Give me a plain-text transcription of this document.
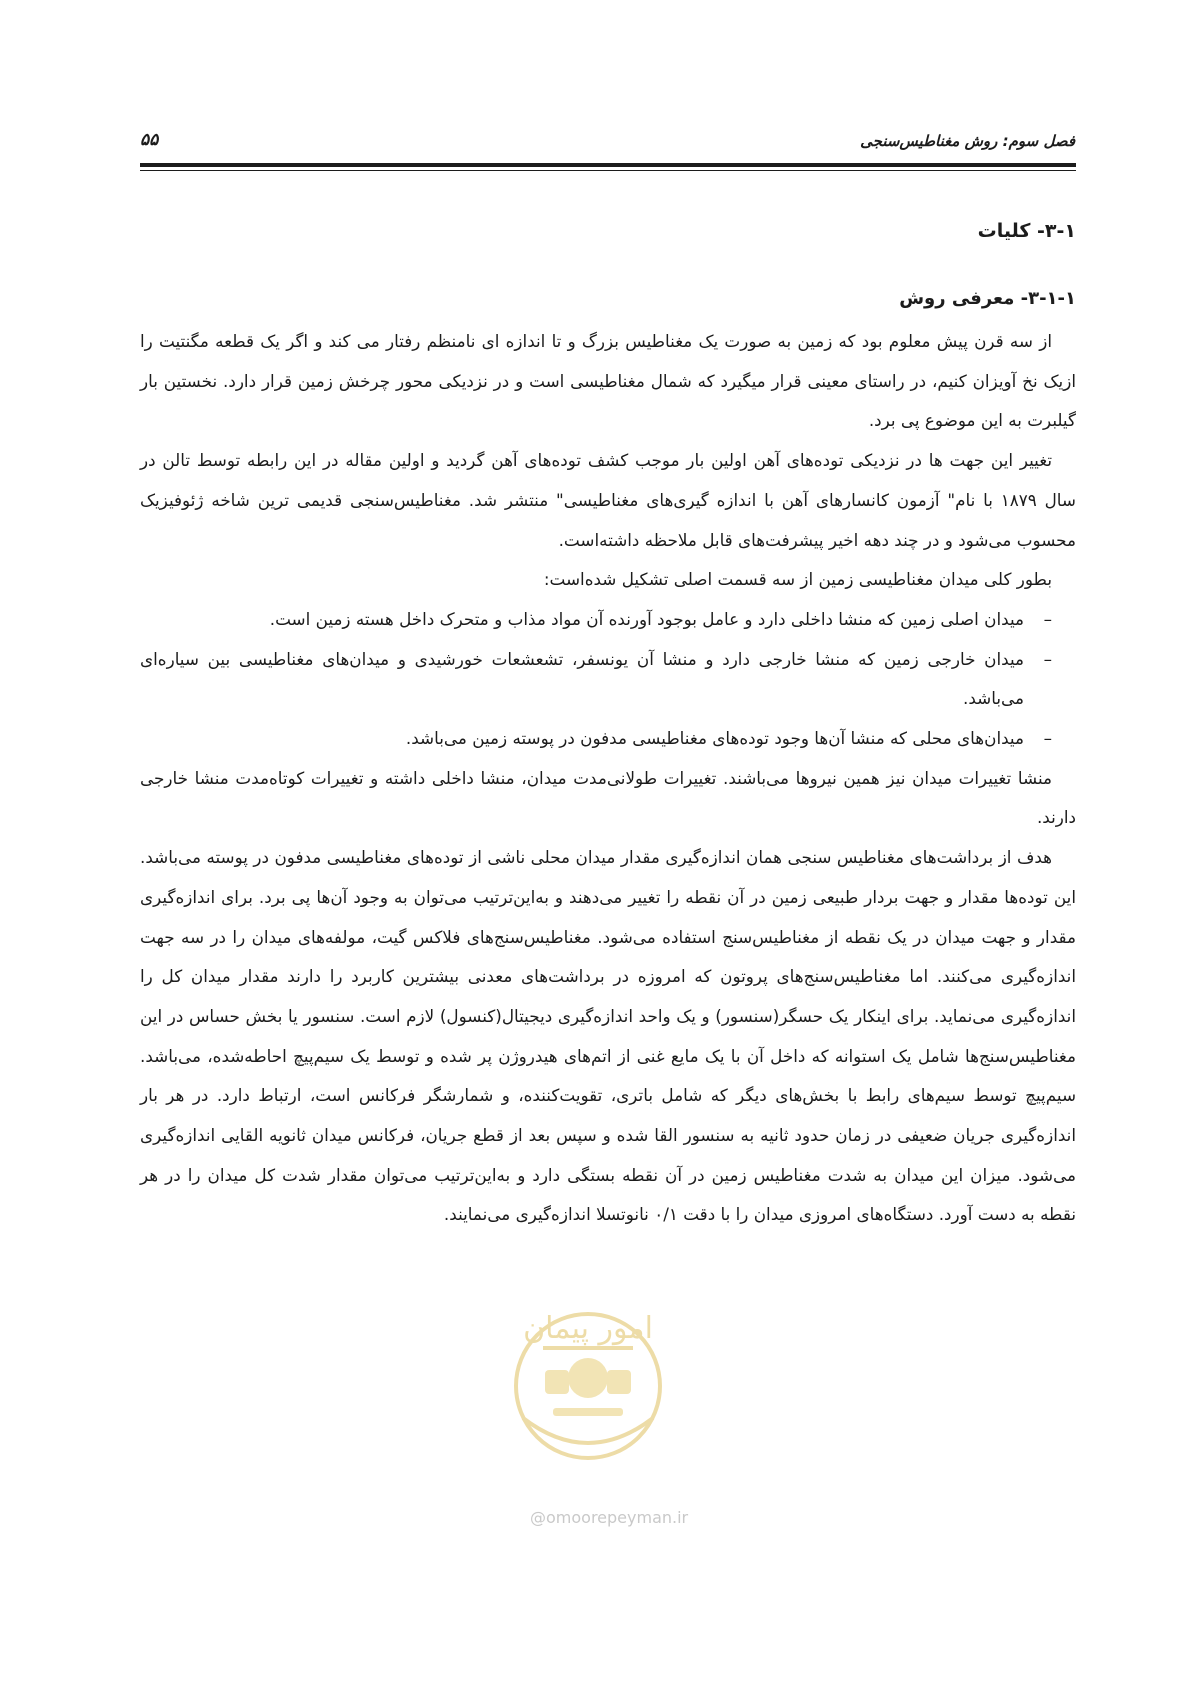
فصل سوم: روش مغناطیس‌سنجی
۵۵
۳-۱- کلیات
۳-۱-۱- معرفی روش

از سه قرن پیش معلوم بود که زمین به صورت یک مغناطیس بزرگ و تا اندازه ای نامنظم رفتار می کند و اگر یک قطعه مگنتیت را ازیک نخ آویزان کنیم، در راستای معینی قرار میگیرد که شمال مغناطیسی است و در نزدیکی محور چرخش زمین قرار دارد. نخستین بار گیلبرت به این موضوع پی برد.

تغییر این جهت ها در نزدیکی توده‌های آهن اولین بار موجب کشف توده‌های آهن گردید و اولین مقاله در این رابطه توسط تالن در سال ۱۸۷۹ با نام" آزمون کانسارهای آهن با اندازه گیری‌های مغناطیسی" منتشر شد. مغناطیس‌سنجی قدیمی ترین شاخه ژئوفیزیک محسوب می‌شود و در چند دهه اخیر پیشرفت‌های قابل ملاحظه داشته‌است.

بطور کلی میدان مغناطیسی زمین از سه قسمت اصلی تشکیل شده‌است:

–
میدان اصلی زمین که منشا داخلی دارد و عامل بوجود آورنده آن مواد مذاب و متحرک داخل هسته زمین است.
–
میدان خارجی زمین که منشا خارجی دارد و منشا آن یونسفر، تشعشعات خورشیدی و میدان‌های مغناطیسی بین سیاره‌ای می‌باشد.
–
میدان‌های محلی که منشا آن‌ها وجود توده‌های مغناطیسی مدفون در پوسته زمین می‌باشد.

منشا تغییرات میدان نیز همین نیروها می‌باشند. تغییرات طولانی‌مدت میدان، منشا داخلی داشته و تغییرات کوتاه‌مدت منشا خارجی دارند.

هدف از برداشت‌های مغناطیس سنجی همان اندازه‌گیری مقدار میدان محلی ناشی از توده‌های مغناطیسی مدفون در پوسته می‌باشد. این توده‌ها مقدار و جهت بردار طبیعی زمین در آن نقطه را تغییر می‌دهند و به‌این‌ترتیب می‌توان به وجود آن‌ها پی برد. برای اندازه‌گیری مقدار و جهت میدان در یک نقطه از مغناطیس‌سنج استفاده می‌شود. مغناطیس‌سنج‌های فلاکس گیت، مولفه‌های میدان را در سه جهت اندازه‌گیری می‌کنند. اما مغناطیس‌سنج‌های پروتون که امروزه در برداشت‌های معدنی بیشترین کاربرد را دارند مقدار میدان کل را اندازه‌گیری می‌نماید. برای اینکار یک حسگر(سنسور) و یک واحد اندازه‌گیری دیجیتال(کنسول) لازم است. سنسور یا بخش حساس در این مغناطیس‌سنج‌ها شامل یک استوانه که داخل آن با یک مایع غنی از اتم‌های هیدروژن پر شده و توسط یک سیم‌پیچ احاطه‌شده، می‌باشد. سیم‌پیچ توسط سیم‌های رابط با بخش‌های دیگر که شامل باتری، تقویت‌کننده، و شمارشگر فرکانس است، ارتباط دارد. در هر بار اندازه‌گیری جریان ضعیفی در زمان حدود ثانیه به سنسور القا شده و سپس بعد از قطع جریان، فرکانس میدان ثانویه القایی اندازه‌گیری می‌شود. میزان این میدان به شدت مغناطیس زمین در آن نقطه بستگی دارد و به‌این‌ترتیب می‌توان مقدار شدت کل میدان را در هر نقطه به دست آورد. دستگاه‌های امروزی میدان را با دقت ۰/۱ نانوتسلا اندازه‌گیری می‌نمایند.

امور پیمان
@omoorepeyman.ir
